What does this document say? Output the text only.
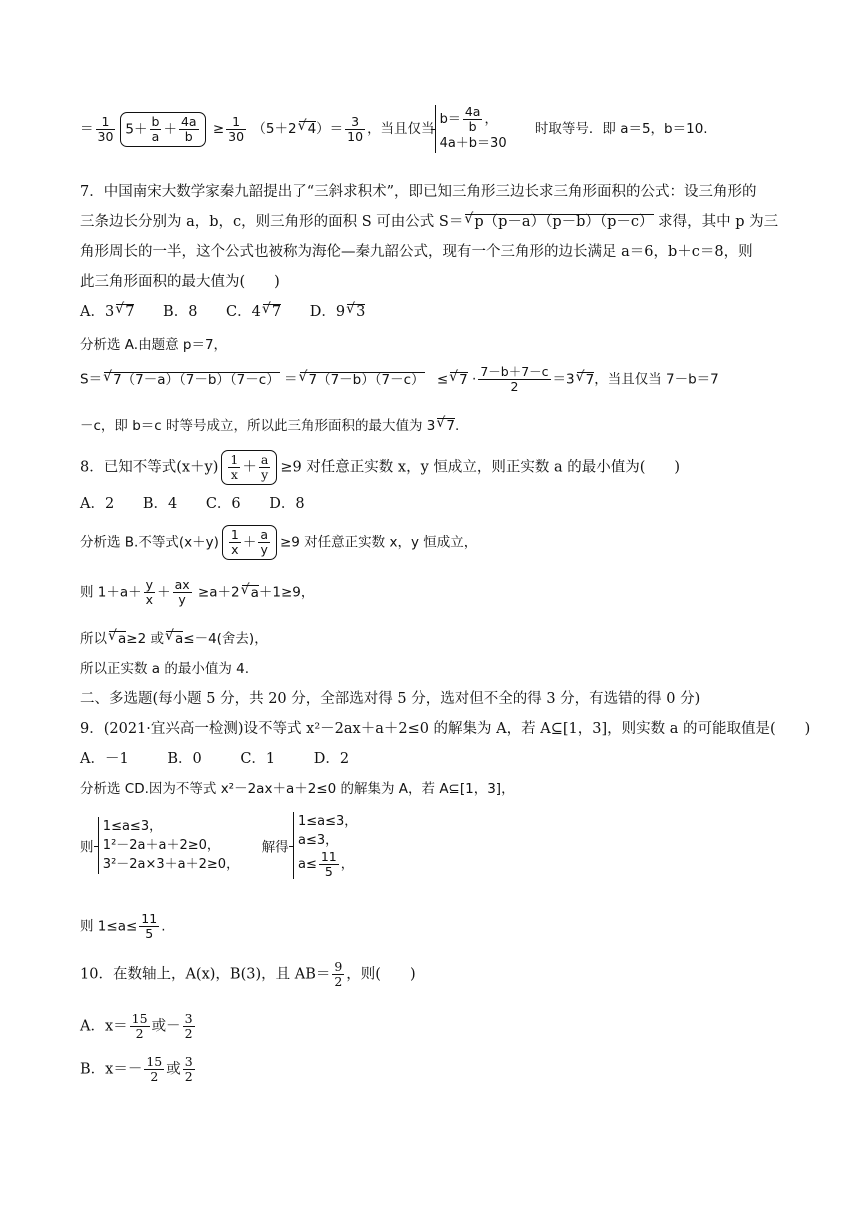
＝ $\frac{1}{30} 5+ \frac{b}{a} + \frac{4a}{b} \ge \frac{1}{30} (5+2√$ $4)= \frac{3}{10}$ ，当且仅当$b= \frac{4a}{b}$ ，
4a＋b＝30 时取等号．即 a＝5，b＝10.
7．中国南宋大数学家秦九韶提出了“三斜求积术”，即已知三角形三边长求三角形面积的公式：设三角形的
三条边长分别为 a，b，c，则三角形的面积 S 可由公式 S＝√ p（p－a）（p－b）（p－c） 求得，其中 p 为三
角形周长的一半，这个公式也被称为海伦—秦九韶公式，现有一个三角形的边长满足 a＝6，b＋c＝8，则
此三角形面积的最大值为(　　)
A．3√ 7 B．8 C．4√ 7 D．9√ 3
分析选 A.由题意 p＝7，
S＝√ 7（7－a）（7－b）（7－c） ＝√ 7（7－b）（7－c） ≤√ $7 \cdot \frac{7-b+7-c}{2} =3√$ 7，当且仅当 7－b＝7
－c，即 b＝c 时等号成立，所以此三角形面积的最大值为 3√ 7.
8．已知不等式$(x+y) \frac{1}{x} + \frac{a}{y} \ge 9$ 对任意正实数 x，y 恒成立，则正实数 a 的最小值为(　　)
A．2 B．4 C．6 D．8
分析选 B.不等式$(x+y) \frac{1}{x} + \frac{a}{y} \ge 9$ 对任意正实数 x，y 恒成立，
则 $1+a+ \frac{y}{x} + \frac{ax}{y} \ge a+2√$ a＋1≥9，
所以√ a≥2 或√ a≤－4(舍去)，
所以正实数 a 的最小值为 4.
二、多选题(每小题 5 分，共 20 分，全部选对得 5 分，选对但不全的得 3 分，有选错的得 0 分)
9．(2021·宜兴高一检测)设不等式 x²－2ax＋a＋2≤0 的解集为 A，若 A⊆[1，3]，则实数 a 的可能取值是(　　)
A．－1	B．0	C．1	D．2
分析选 CD.因为不等式 x²－2ax＋a＋2≤0 的解集为 A，若 A⊆[1，3]，
则 1≤a≤3，
1²－2a＋a＋2≥0，
3²－2a×3＋a＋2≥0，  解得 1≤a≤3，
a≤3，
$a\le \frac{11}{5}$ ，
则 $1\le a\le \frac{11}{5}$ .
10．在数轴上，A(x)，B(3)，且 $AB= \frac{9}{2}$ ，则(　　)
A．$x= \frac{15}{2}$ 或－ $\frac{3}{2}$
B．$x=- \frac{15}{2}$ 或 $\frac{3}{2}$
